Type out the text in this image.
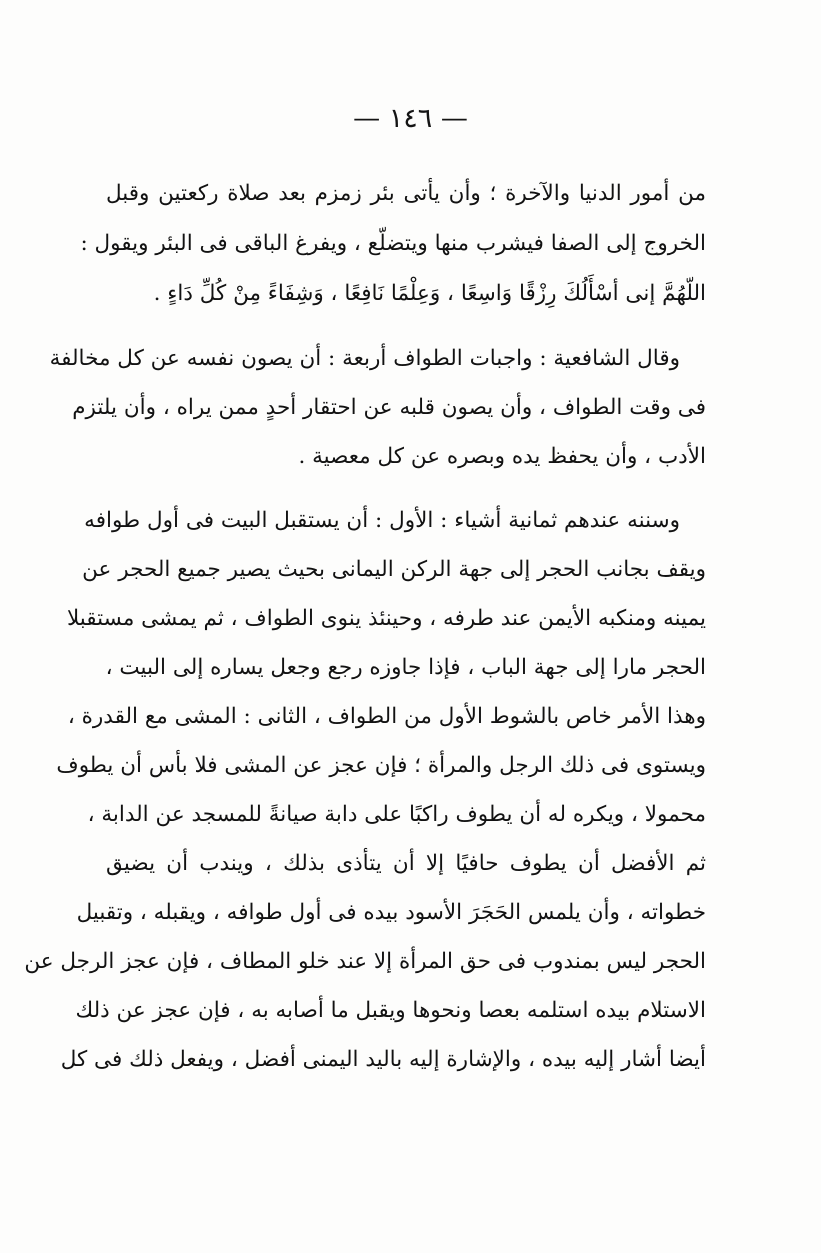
— ١٤٦ —
من أمور الدنيا والآخرة ؛ وأن يأتى بئر زمزم بعد صلاة ركعتين وقبل
الخروج إلى الصفا فيشرب منها ويتضلّع ، ويفرغ الباقى فى البئر ويقول :
اللّهُمَّ إنى أسْأَلُكَ رِزْقًا وَاسِعًا ، وَعِلْمًا نَافِعًا ، وَشِفَاءً مِنْ كُلِّ دَاءٍ .
وقال الشافعية : واجبات الطواف أربعة : أن يصون نفسه عن كل مخالفة
فى وقت الطواف ، وأن يصون قلبه عن احتقار أحدٍ ممن يراه ، وأن يلتزم
الأدب ، وأن يحفظ يده وبصره عن كل معصية .
وسننه عندهم ثمانية أشياء : الأول : أن يستقبل البيت فى أول طوافه
ويقف بجانب الحجر إلى جهة الركن اليمانى بحيث يصير جميع الحجر عن
يمينه ومنكبه الأيمن عند طرفه ، وحينئذ ينوى الطواف ، ثم يمشى مستقبلا
الحجر مارا إلى جهة الباب ، فإذا جاوزه رجع وجعل يساره إلى البيت ،
وهذا الأمر خاص بالشوط الأول من الطواف ، الثانى : المشى مع القدرة ،
ويستوى فى ذلك الرجل والمرأة ؛ فإن عجز عن المشى فلا بأس أن يطوف
محمولا ، ويكره له أن يطوف راكبًا على دابة صيانةً للمسجد عن الدابة ،
ثم الأفضل أن يطوف حافيًا إلا أن يتأذى بذلك ، ويندب أن يضيق
خطواته ، وأن يلمس الحَجَرَ الأسود بيده فى أول طوافه ، ويقبله ، وتقبيل
الحجر ليس بمندوب فى حق المرأة إلا عند خلو المطاف ، فإن عجز الرجل عن
الاستلام بيده استلمه بعصا ونحوها ويقبل ما أصابه به ، فإن عجز عن ذلك
أيضا أشار إليه بيده ، والإشارة إليه باليد اليمنى أفضل ، ويفعل ذلك فى كل
